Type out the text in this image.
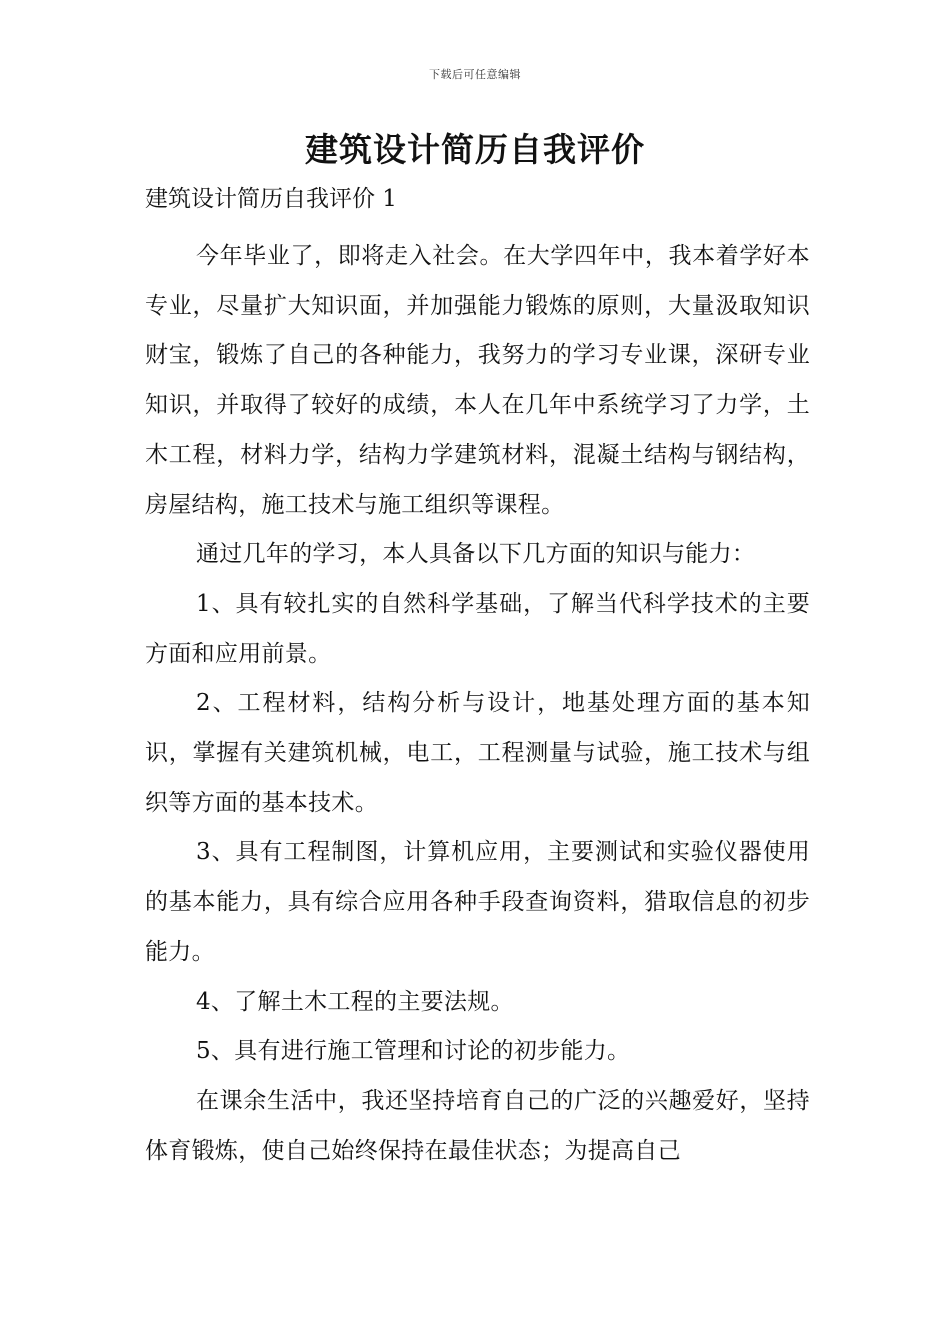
下载后可任意编辑
建筑设计简历自我评价

建筑设计简历自我评价 1

今年毕业了，即将走入社会。在大学四年中，我本着学好本专业，尽量扩大知识面，并加强能力锻炼的原则，大量汲取知识财宝，锻炼了自己的各种能力，我努力的学习专业课，深研专业知识，并取得了较好的成绩，本人在几年中系统学习了力学，土木工程，材料力学，结构力学建筑材料，混凝土结构与钢结构，房屋结构，施工技术与施工组织等课程。

通过几年的学习，本人具备以下几方面的知识与能力：

1、具有较扎实的自然科学基础，了解当代科学技术的主要方面和应用前景。

2、工程材料，结构分析与设计，地基处理方面的基本知识，掌握有关建筑机械，电工，工程测量与试验，施工技术与组织等方面的基本技术。

3、具有工程制图，计算机应用，主要测试和实验仪器使用的基本能力，具有综合应用各种手段查询资料，猎取信息的初步能力。

4、了解土木工程的主要法规。

5、具有进行施工管理和讨论的初步能力。

在课余生活中，我还坚持培育自己的广泛的兴趣爱好，坚持体育锻炼，使自己始终保持在最佳状态；为提高自己
